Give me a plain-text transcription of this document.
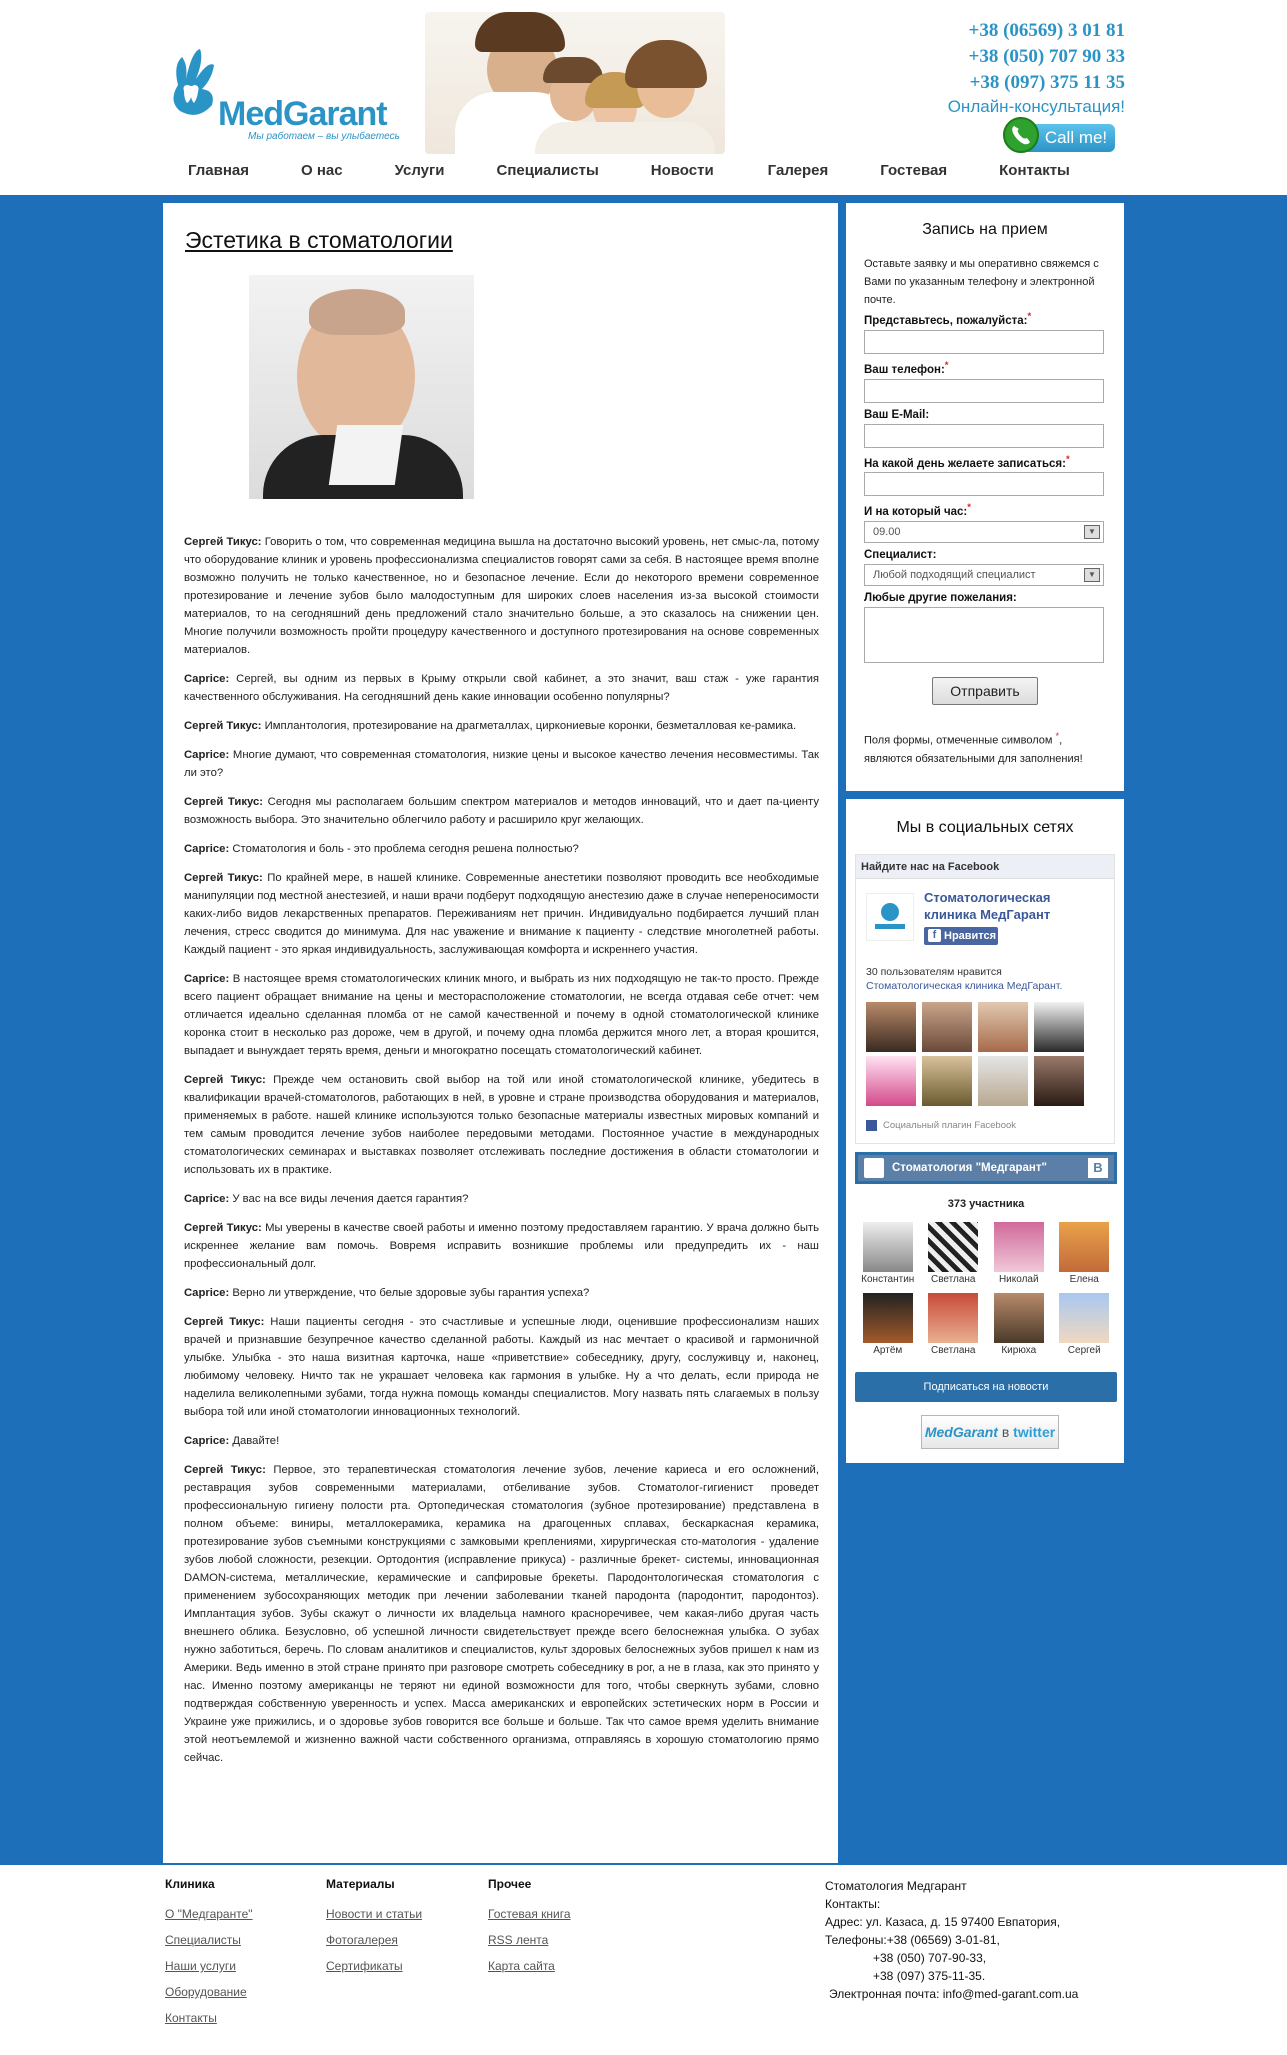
MedGarant
Мы работаем – вы улыбаетесь
+38 (06569) 3 01 81
+38 (050) 707 90 33
+38 (097) 375 11 35
Онлайн-консультация!
Call me!
Главная	О нас	Услуги	Специалисты	Новости	Галерея	Гостевая	Контакты
Эстетика в стоматологии

Сергей Тикус: Говорить о том, что современная медицина вышла на достаточно высокий уровень, нет смыс-ла, потому что оборудование клиник и уровень профессионализма специалистов говорят сами за себя. В настоящее время вполне возможно получить не только качественное, но и безопасное лечение. Если до некоторого времени современное протезирование и лечение зубов было малодоступным для широких слоев населения из-за высокой стоимости материалов, то на сегодняшний день предложений стало значительно больше, а это сказалось на снижении цен. Многие получили возможность пройти процедуру качественного и доступного протезирования на основе современных материалов.

Caprice: Сергей, вы одним из первых в Крыму открыли свой кабинет, а это значит, ваш стаж - уже гарантия качественного обслуживания. На сегодняшний день какие инновации особенно популярны?

Сергей Тикус: Имплантология, протезирование на драгметаллах, циркониевые коронки, безметалловая ке-рамика.

Caprice: Многие думают, что современная стоматология, низкие цены и высокое качество лечения несовместимы. Так ли это?

Сергей Тикус: Сегодня мы располагаем большим спектром материалов и методов инноваций, что и дает па-циенту возможность выбора. Это значительно облегчило работу и расширило круг желающих.

Caprice: Стоматология и боль - это проблема сегодня решена полностью?

Сергей Тикус: По крайней мере, в нашей клинике. Современные анестетики позволяют проводить все необходимые манипуляции под местной анестезией, и наши врачи подберут подходящую анестезию даже в случае непереносимости каких-либо видов лекарственных препаратов. Переживаниям нет причин. Индивидуально подбирается лучший план лечения, стресс сводится до минимума. Для нас уважение и внимание к пациенту - следствие многолетней работы. Каждый пациент - это яркая индивидуальность, заслуживающая комфорта и искреннего участия.

Caprice: В настоящее время стоматологических клиник много, и выбрать из них подходящую не так-то просто. Прежде всего пациент обращает внимание на цены и месторасположение стоматологии, не всегда отдавая себе отчет: чем отличается идеально сделанная пломба от не самой качественной и почему в одной стоматологической клинике коронка стоит в несколько раз дороже, чем в другой, и почему одна пломба держится много лет, а вторая крошится, выпадает и вынуждает терять время, деньги и многократно посещать стоматологический кабинет.

Сергей Тикус: Прежде чем остановить свой выбор на той или иной стоматологической клинике, убедитесь в квалификации врачей-стоматологов, работающих в ней, в уровне и стране производства оборудования и материалов, применяемых в работе. нашей клинике используются только безопасные материалы известных мировых компаний и тем самым проводится лечение зубов наиболее передовыми методами. Постоянное участие в международных стоматологических семинарах и выставках позволяет отслеживать последние достижения в области стоматологии и использовать их в практике.

Caprice: У вас на все виды лечения дается гарантия?

Сергей Тикус: Мы уверены в качестве своей работы и именно поэтому предоставляем гарантию. У врача должно быть искреннее желание вам помочь. Вовремя исправить возникшие проблемы или предупредить их - наш профессиональный долг.

Caprice: Верно ли утверждение, что белые здоровые зубы гарантия успеха?

Сергей Тикус: Наши пациенты сегодня - это счастливые и успешные люди, оценившие профессионализм наших врачей и признавшие безупречное качество сделанной работы. Каждый из нас мечтает о красивой и гармоничной улыбке. Улыбка - это наша визитная карточка, наше «приветствие» собеседнику, другу, сослуживцу и, наконец, любимому человеку. Ничто так не украшает человека как гармония в улыбке. Ну а что делать, если природа не наделила великолепными зубами, тогда нужна помощь команды специалистов. Могу назвать пять слагаемых в пользу выбора той или иной стоматологии инновационных технологий.

Caprice: Давайте!

Сергей Тикус: Первое, это терапевтическая стоматология лечение зубов, лечение кариеса и его осложнений, реставрация зубов современными материалами, отбеливание зубов. Стоматолог-гигиенист проведет профессиональную гигиену полости рта. Ортопедическая стоматология (зубное протезирование) представлена в полном объеме: виниры, металлокерамика, керамика на драгоценных сплавах, бескаркасная керамика, протезирование зубов съемными конструкциями с замковыми креплениями, хирургическая сто-матология - удаление зубов любой сложности, резекции. Ортодонтия (исправление прикуса) - различные брекет- системы, инновационная DAMON-система, металлические, керамические и сапфировые брекеты. Пародонтологическая стоматология с применением зубосохраняющих методик при лечении заболевании тканей пародонта (пародонтит, пародонтоз). Имплантация зубов. Зубы скажут о личности их владельца намного красноречивее, чем какая-либо другая часть внешнего облика. Безусловно, об успешной личности свидетельствует прежде всего белоснежная улыбка. О зубах нужно заботиться, беречь. По словам аналитиков и специалистов, культ здоровых белоснежных зубов пришел к нам из Америки. Ведь именно в этой стране принято при разговоре смотреть собеседнику в рог, а не в глаза, как это принято у нас. Именно поэтому американцы не теряют ни единой возможности для того, чтобы сверкнуть зубами, словно подтверждая собственную уверенность и успех. Масса американских и европейских эстетических норм в России и Украине уже прижились, и о здоровье зубов говорится все больше и больше. Так что самое время уделить внимание этой неотъемлемой и жизненно важной части собственного организма, отправляясь в хорошую стоматологию прямо сейчас.

Запись на прием
Оставьте заявку и мы оперативно свяжемся с Вами по указанным телефону и электронной почте.
Представьтесь, пожалуйста:*
Ваш телефон:*
Ваш E-Mail:
На какой день желаете записаться:*
И на который час:*
09.00	▼
Специалист:
Любой подходящий специалист	▼
Любые другие пожелания:
Отправить
Поля формы, отмеченные символом *, являются обязательными для заполнения!
Мы в социальных сетях
Найдите нас на Facebook
Стоматологическая клиника МедГарант
f Нравится
30 пользователям нравится
Стоматологическая клиника МедГарант.
Социальный плагин Facebook
Стоматология "Медгарант"	B
373 участника
Константин	Светлана	Николай	Елена
Артём	Светлана	Кирюха	Сергей
Подписаться на новости
MedGarant в twitter
Клиника
О "Медгаранте"
Специалисты
Наши услуги
Оборудование
Контакты
Материалы
Новости и статьи
Фотогалерея
Сертификаты
Прочее
Гостевая книга
RSS лента
Карта сайта
Стоматология Медгарант
Контакты:
Адрес: ул. Казаса, д. 15 97400 Евпатория,
Телефоны:+38 (06569) 3-01-81,
+38 (050) 707-90-33,
+38 (097) 375-11-35.
Электронная почта: info@med-garant.com.ua
